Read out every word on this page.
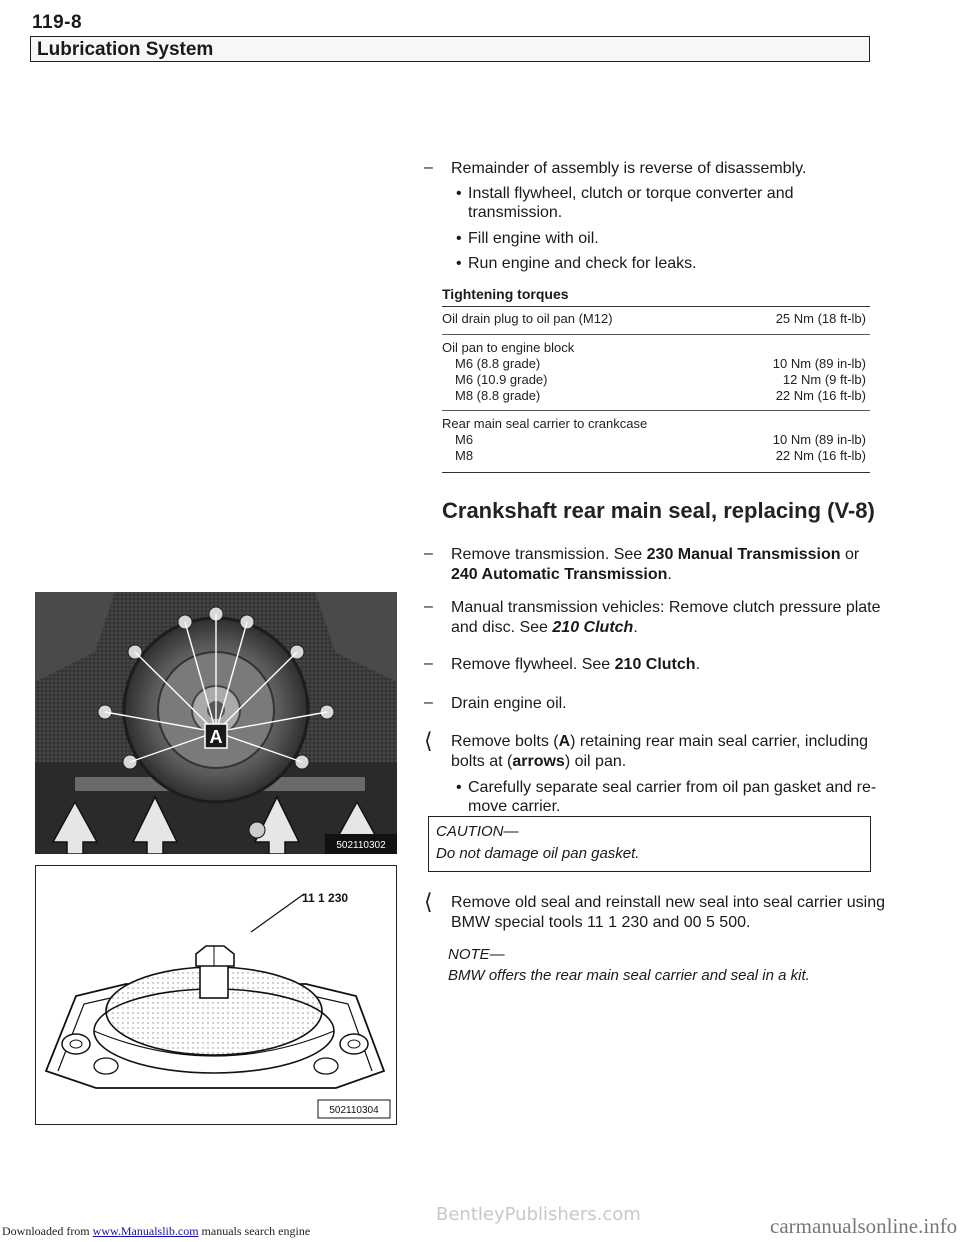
119-8
Lubrication System
– Remainder of assembly is reverse of disassembly.
• Install flywheel, clutch or torque converter and
transmission.
• Fill engine with oil.
• Run engine and check for leaks.
Tightening torques
Oil drain plug to oil pan (M12)	25 Nm (18 ft-lb)
Oil pan to engine block
M6 (8.8 grade)	10 Nm (89 in-lb)
M6 (10.9 grade)	12 Nm (9 ft-lb)
M8 (8.8 grade)	22 Nm (16 ft-lb)
Rear main seal carrier to crankcase
M6	10 Nm (89 in-lb)
M8	22 Nm (16 ft-lb)
Crankshaft rear main seal, replacing (V-8)
– Remove transmission. See 230 Manual Transmission or
240 Automatic Transmission.
– Manual transmission vehicles: Remove clutch pressure plate
and disc. See 210 Clutch.
– Remove flywheel. See 210 Clutch.
– Drain engine oil.
⟨ Remove bolts (A) retaining rear main seal carrier, including
bolts at (arrows) oil pan.
• Carefully separate seal carrier from oil pan gasket and re-
move carrier.
CAUTION—
Do not damage oil pan gasket.
⟨ Remove old seal and reinstall new seal into seal carrier using
BMW special tools 11 1 230 and 00 5 500.
NOTE—
BMW offers the rear main seal carrier and seal in a kit.
A
502110302
11 1 230
502110304
Downloaded from www.Manualslib.com manuals search engine
BentleyPublishers.com	carmanualsonline.info
